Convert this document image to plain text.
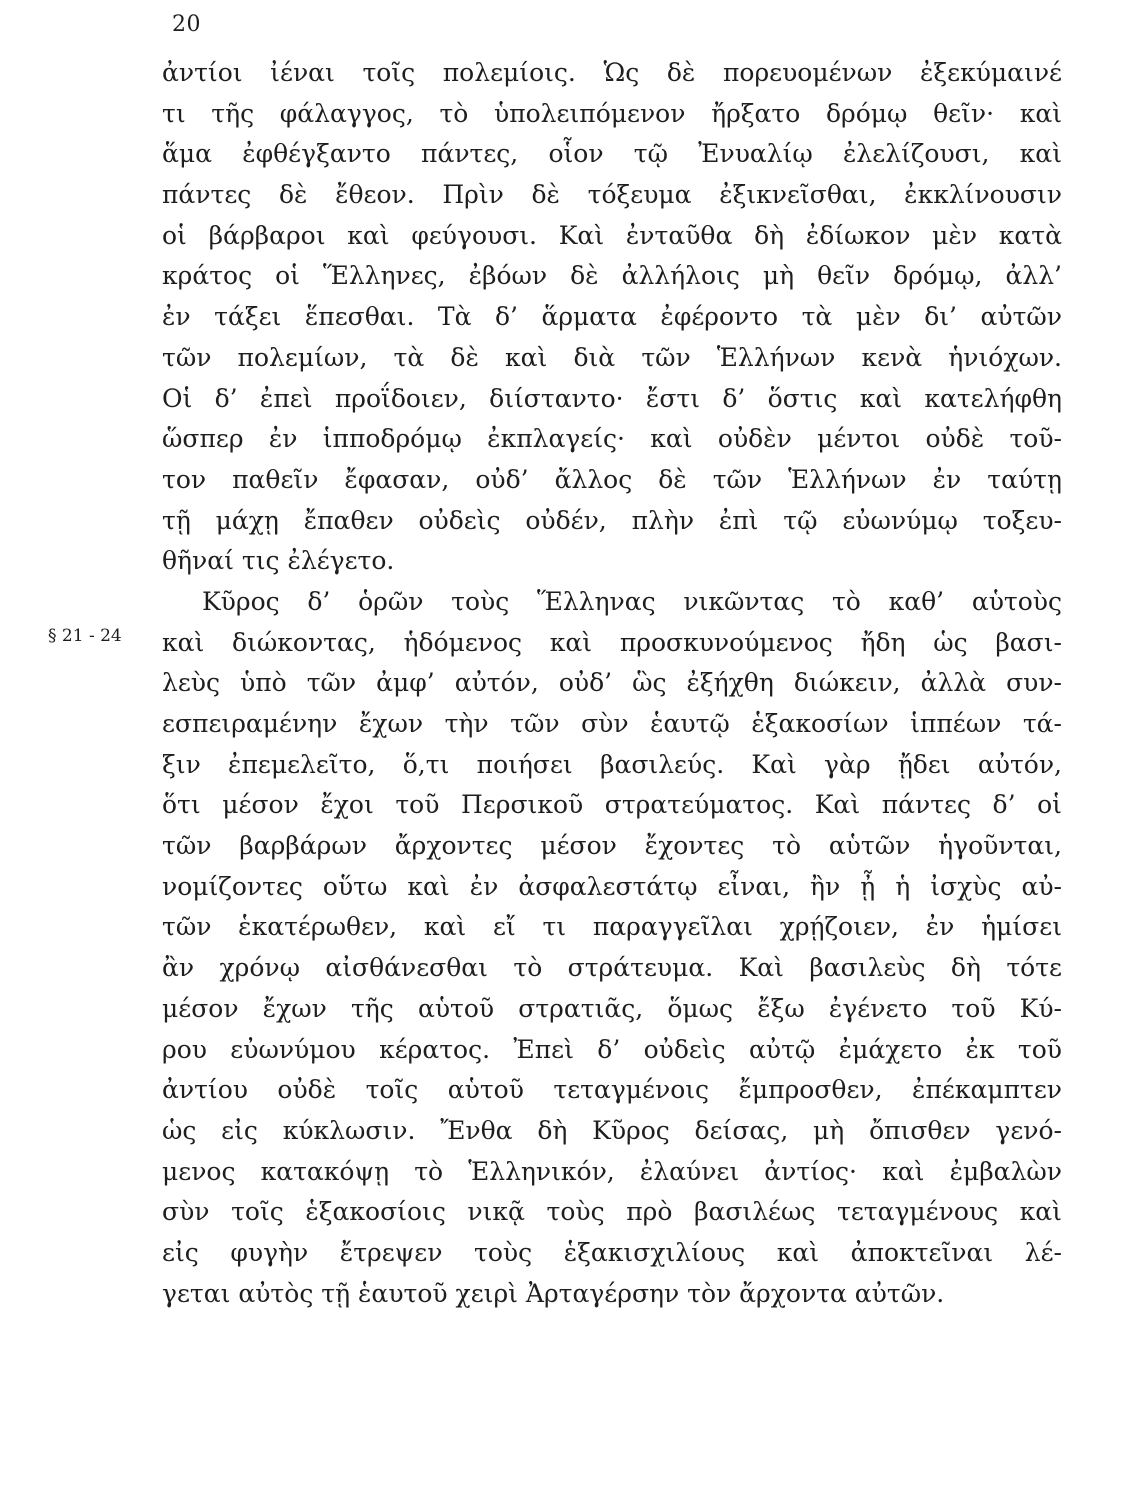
20
§ 21 - 24
ἀντίοι ἰέναι τοῖς πολεμίοις. Ὡς δὲ πορευομένων ἐξεκύμαινέ
τι τῆς φάλαγγος, τὸ ὑπολειπόμενον ἤρξατο δρόμῳ θεῖν· καὶ
ἅμα ἐφθέγξαντο πάντες, οἷον τῷ Ἐνυαλίῳ ἐλελίζουσι, καὶ
πάντες δὲ ἔθεον. Πρὶν δὲ τόξευμα ἐξικνεῖσθαι, ἐκκλίνουσιν
οἱ βάρβαροι καὶ φεύγουσι. Καὶ ἐνταῦθα δὴ ἐδίωκον μὲν κατὰ
κράτος οἱ Ἕλληνες, ἐβόων δὲ ἀλλήλοις μὴ θεῖν δρόμῳ, ἀλλ’
ἐν τάξει ἕπεσθαι. Τὰ δ’ ἅρματα ἐφέροντο τὰ μὲν δι’ αὐτῶν
τῶν πολεμίων, τὰ δὲ καὶ διὰ τῶν Ἑλλήνων κενὰ ἡνιόχων.
Οἱ δ’ ἐπεὶ προΐδοιεν, διίσταντο· ἔστι δ’ ὅστις καὶ κατελήφθη
ὥσπερ ἐν ἱπποδρόμῳ ἐκπλαγείς· καὶ οὐδὲν μέντοι οὐδὲ τοῦ-
τον παθεῖν ἔφασαν, οὐδ’ ἄλλος δὲ τῶν Ἑλλήνων ἐν ταύτῃ
τῇ μάχῃ ἔπαθεν οὐδεὶς οὐδέν, πλὴν ἐπὶ τῷ εὐωνύμῳ τοξευ-
θῆναί τις ἐλέγετο.
Κῦρος δ’ ὁρῶν τοὺς Ἕλληνας νικῶντας τὸ καθ’ αὑτοὺς
καὶ διώκοντας, ἡδόμενος καὶ προσκυνούμενος ἤδη ὡς βασι-
λεὺς ὑπὸ τῶν ἀμφ’ αὐτόν, οὐδ’ ὣς ἐξήχθη διώκειν, ἀλλὰ συν-
εσπειραμένην ἔχων τὴν τῶν σὺν ἑαυτῷ ἑξακοσίων ἱππέων τά-
ξιν ἐπεμελεῖτο, ὅ,τι ποιήσει βασιλεύς. Καὶ γὰρ ᾔδει αὐτόν,
ὅτι μέσον ἔχοι τοῦ Περσικοῦ στρατεύματος. Καὶ πάντες δ’ οἱ
τῶν βαρβάρων ἄρχοντες μέσον ἔχοντες τὸ αὑτῶν ἡγοῦνται,
νομίζοντες οὕτω καὶ ἐν ἀσφαλεστάτῳ εἶναι, ἢν ᾖ ἡ ἰσχὺς αὐ-
τῶν ἑκατέρωθεν, καὶ εἴ τι παραγγεῖλαι χρῄζοιεν, ἐν ἡμίσει
ἂν χρόνῳ αἰσθάνεσθαι τὸ στράτευμα. Καὶ βασιλεὺς δὴ τότε
μέσον ἔχων τῆς αὑτοῦ στρατιᾶς, ὅμως ἔξω ἐγένετο τοῦ Κύ-
ρου εὐωνύμου κέρατος. Ἐπεὶ δ’ οὐδεὶς αὐτῷ ἐμάχετο ἐκ τοῦ
ἀντίου οὐδὲ τοῖς αὑτοῦ τεταγμένοις ἔμπροσθεν, ἐπέκαμπτεν
ὡς εἰς κύκλωσιν. Ἔνθα δὴ Κῦρος δείσας, μὴ ὄπισθεν γενό-
μενος κατακόψῃ τὸ Ἑλληνικόν, ἐλαύνει ἀντίος· καὶ ἐμβαλὼν
σὺν τοῖς ἑξακοσίοις νικᾷ τοὺς πρὸ βασιλέως τεταγμένους καὶ
εἰς φυγὴν ἔτρεψεν τοὺς ἑξακισχιλίους καὶ ἀποκτεῖναι λέ-
γεται αὐτὸς τῇ ἑαυτοῦ χειρὶ Ἀρταγέρσην τὸν ἄρχοντα αὐτῶν.
